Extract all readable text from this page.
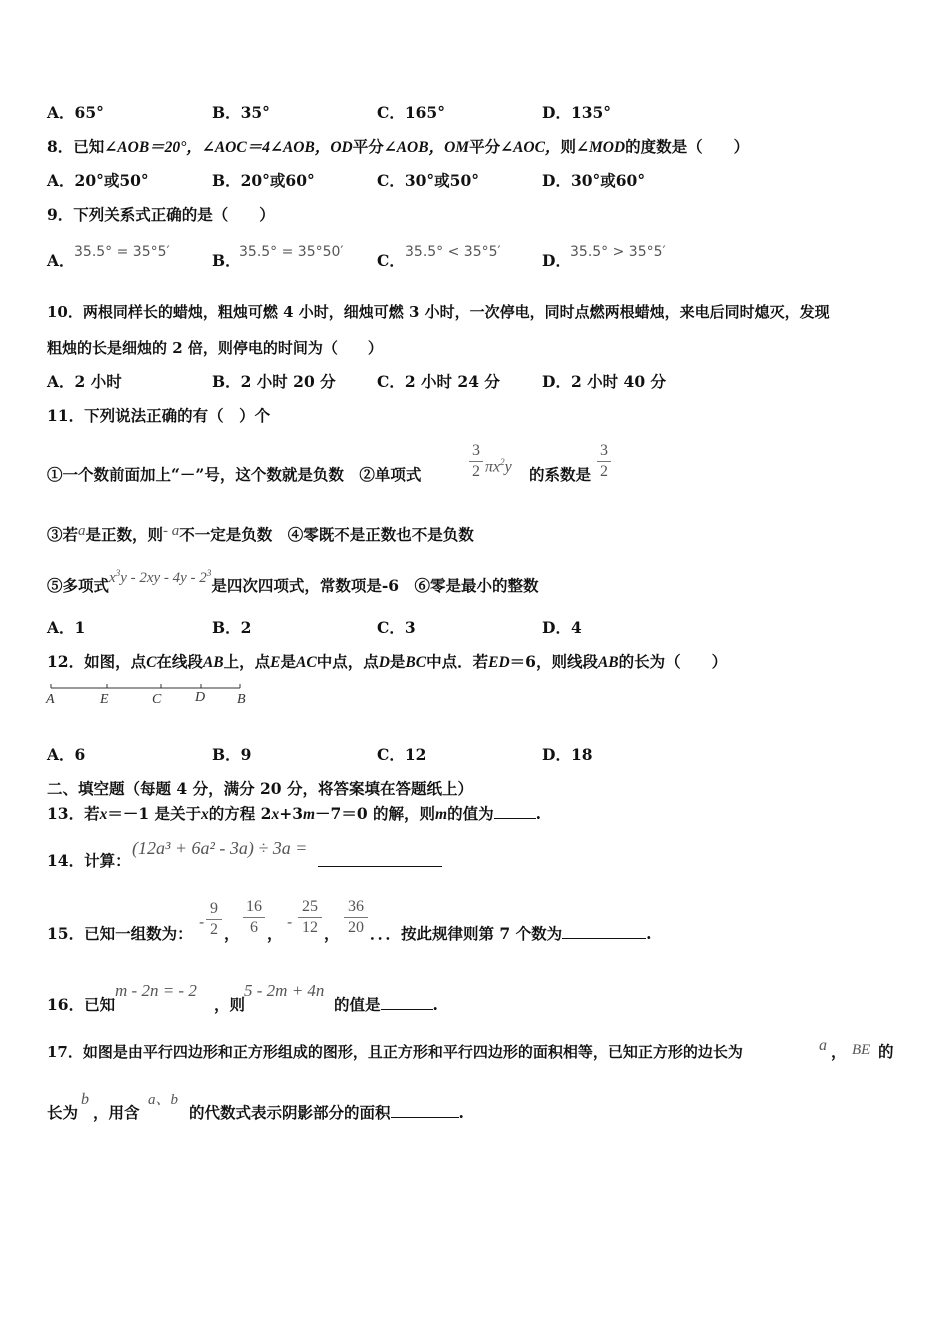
A．65°	B．35°	C．165°	D．135°
8．已知∠AOB＝20°，∠AOC＝4∠AOB，OD平分∠AOB，OM平分∠AOC，则∠MOD的度数是（　　）
A．20°或50°	B．20°或60°	C．30°或50°	D．30°或60°
9．下列关系式正确的是（　　）
A． 35.5° = 35°5′	B．
35.5° = 35°50′ C． 35.5° < 35°5′	D． 35.5° > 35°5′
10．两根同样长的蜡烛，粗烛可燃 4 小时，细烛可燃 3 小时，一次停电，同时点燃两根蜡烛，来电后同时熄灭，发现
粗烛的长是细烛的 2 倍，则停电的时间为（　　）
A．2 小时	B．2 小时 20 分	C．2 小时 24 分	D．2 小时 40 分
11．下列说法正确的有（　）个
①一个数前面加上“－”号，这个数就是负数　②单项式
3
2 $\pi x^2y$ 的系数是
3
2
③若a是正数，则- a不一定是负数　④零既不是正数也不是负数
⑤多项式$x^3y - 2xy - 4y - 2^3$是四次四项式，常数项是-6　⑥零是最小的整数
A．1	B．2	C．3	D．4
12．如图，点C在线段AB上，点E是AC中点，点D是BC中点．若ED＝6，则线段AB的长为（　　）
A	E	C D B
A．6	B．9	C．12	D．18
二、填空题（每题 4 分，满分 20 分，将答案填在答题纸上）
13．若x＝－1 是关于x的方程 2x+3m－7＝0 的解，则m的值为	.
14．计算：
(12a³ + 6a² - 3a) ÷ 3a =
15．已知一组数为：
-
9
2 ，
16
6 ，
-
25
12 ，
36
20 ．．．按此规律则第 7 个数为	.
16．已知
m - 2n = - 2
，则
5 - 2m + 4n
的值是	.
17．如图是由平行四边形和正方形组成的图形，且正方形和平行四边形的面积相等，已知正方形的边长为	a ， BE 的
长为
b
，用含
a、b
的代数式表示阴影部分的面积	.
